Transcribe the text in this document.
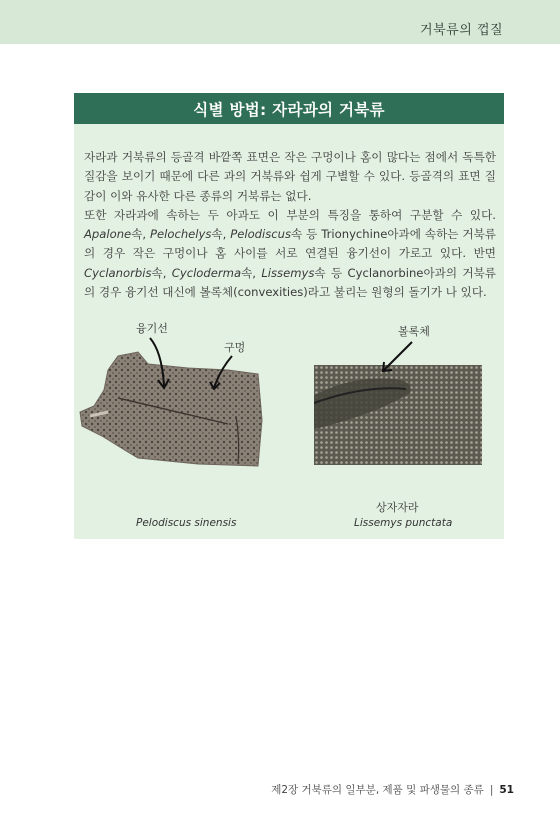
거북류의 껍질
식별 방법: 자라과의 거북류

자라과 거북류의 등골격 바깥쪽 표면은 작은 구멍이나 홈이 많다는 점에서 독특한 질감을 보이기 때문에 다른 과의 거북류와 쉽게 구별할 수 있다. 등골격의 표면 질감이 이와 유사한 다른 종류의 거북류는 없다.

또한 자라과에 속하는 두 아과도 이 부분의 특징을 통하여 구분할 수 있다. Apalone속, Pelochelys속, Pelodiscus속 등 Trionychine아과에 속하는 거북류의 경우 작은 구멍이나 홈 사이를 서로 연결된 융기선이 가로고 있다. 반면 Cyclanorbis속, Cycloderma속, Lissemys속 등 Cyclanorbine아과의 거북류의 경우 융기선 대신에 볼록체(convexities)라고 불리는 원형의 돌기가 나 있다.

융기선
구멍
볼록체
상자자라
Pelodiscus sinensis	Lissemys punctata
제2장 거북류의 일부분, 제품 및 파생물의 종류 | 51
